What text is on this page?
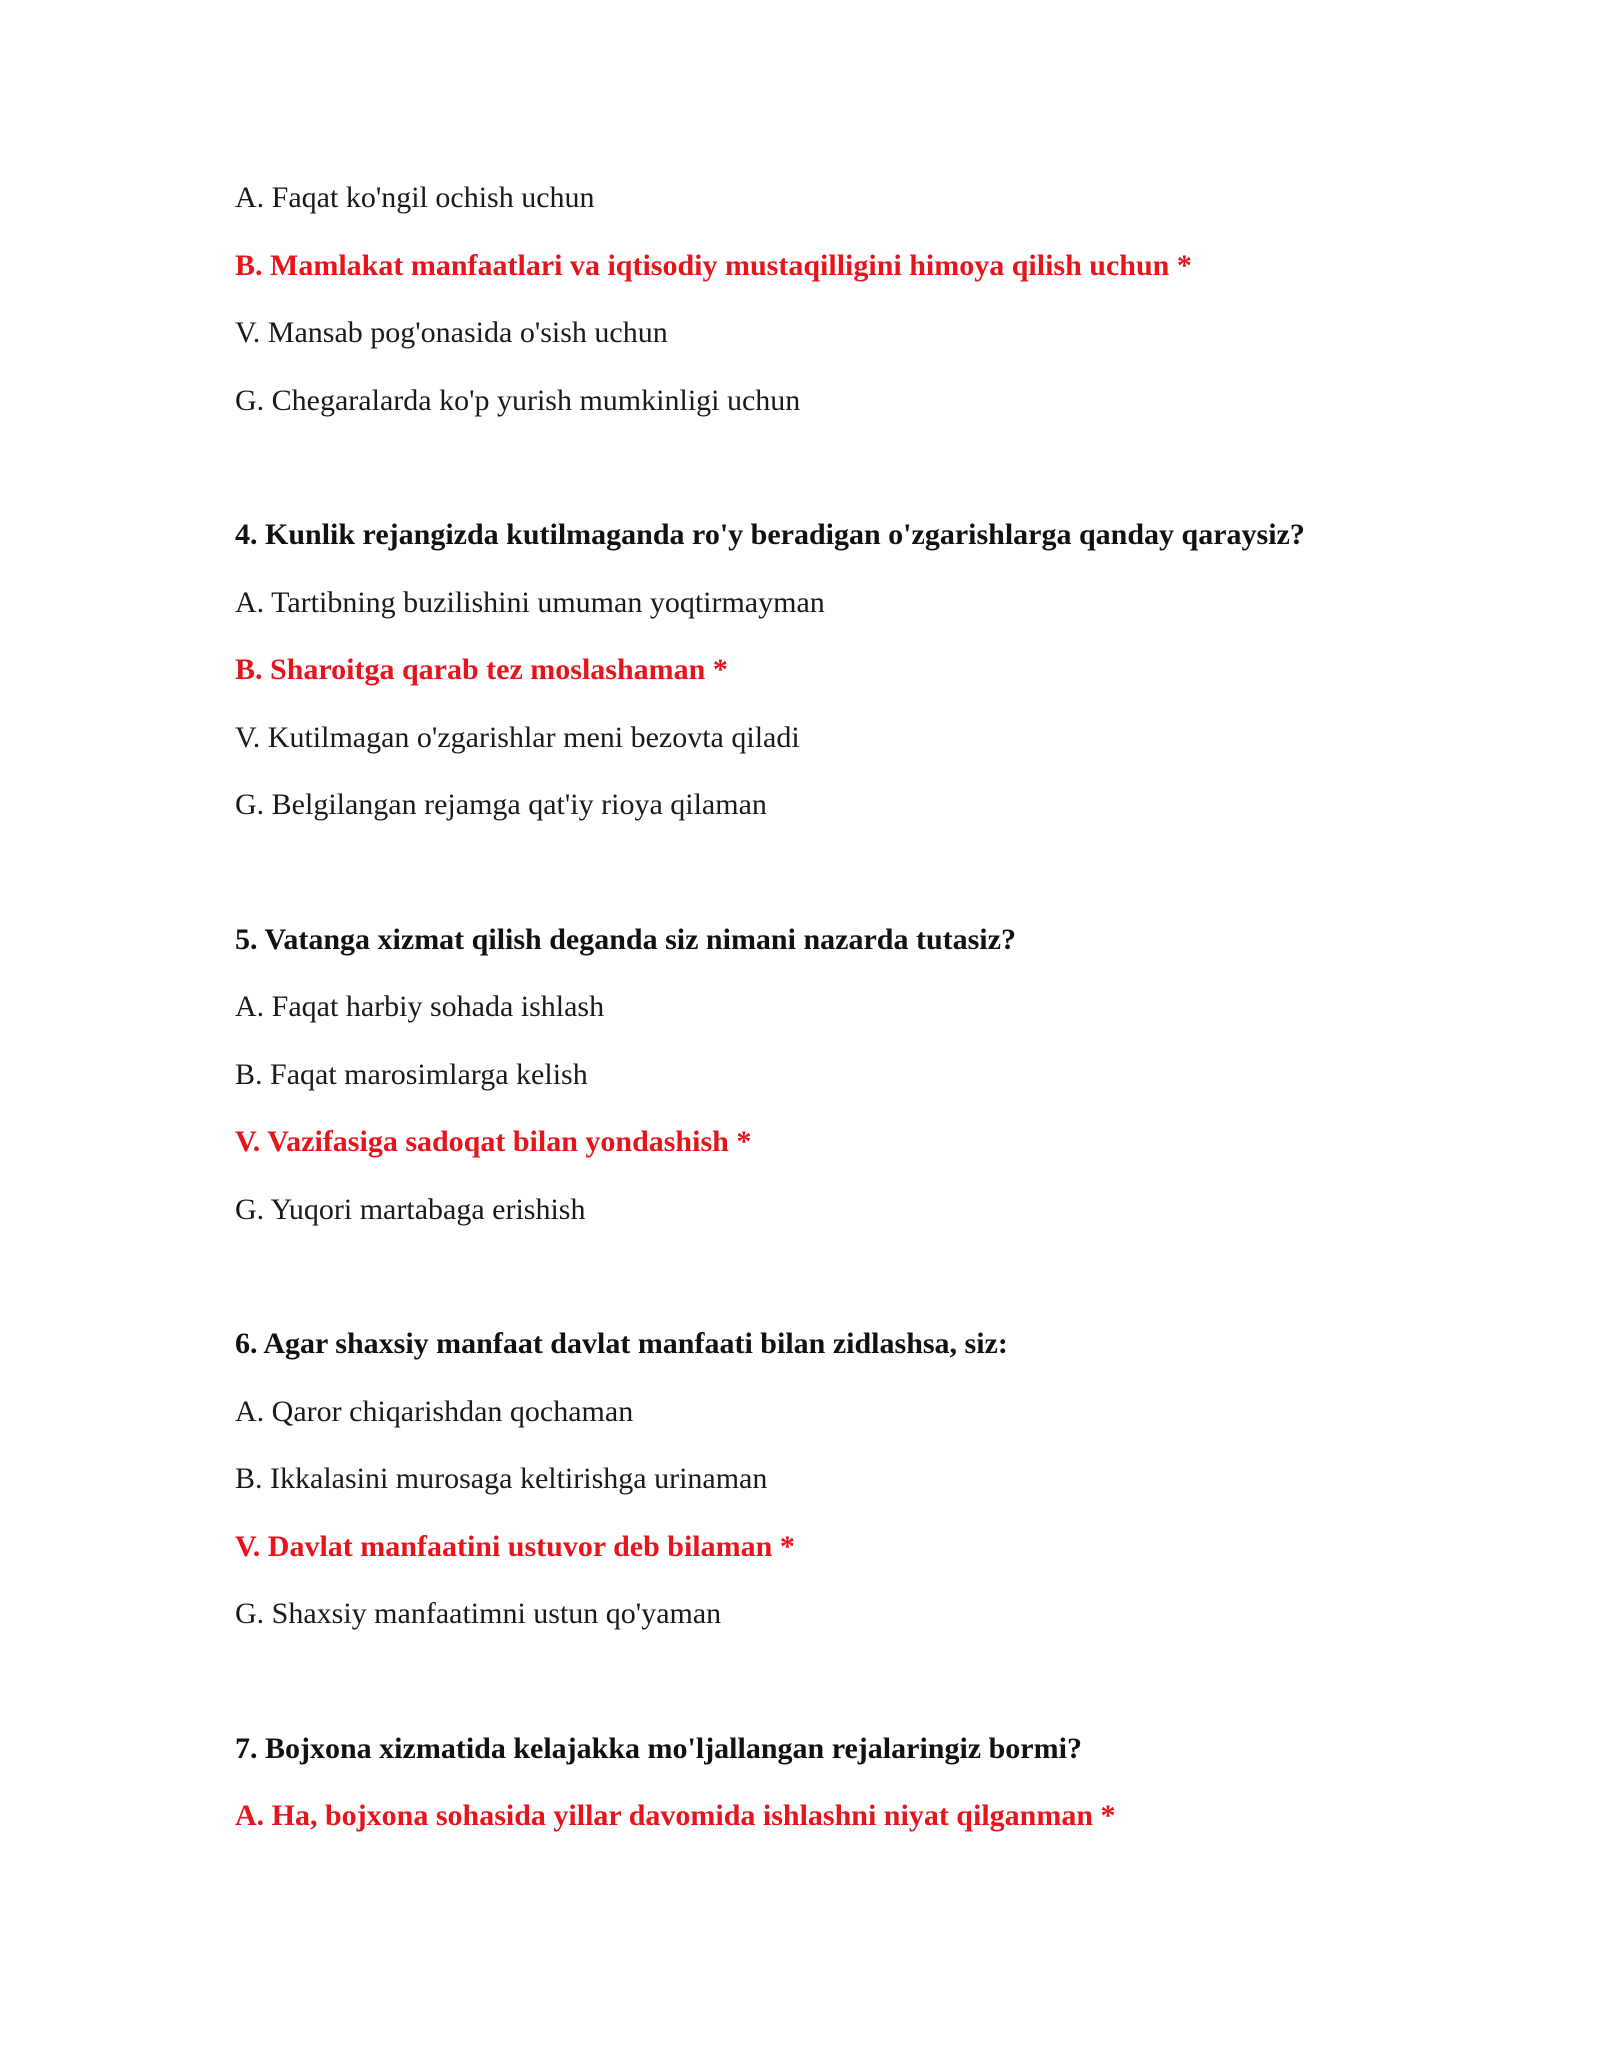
A. Faqat ko'ngil ochish uchun
B. Mamlakat manfaatlari va iqtisodiy mustaqilligini himoya qilish uchun *
V. Mansab pog'onasida o'sish uchun
G. Chegaralarda ko'p yurish mumkinligi uchun
4. Kunlik rejangizda kutilmaganda ro'y beradigan o'zgarishlarga qanday qaraysiz?
A. Tartibning buzilishini umuman yoqtirmayman
B. Sharoitga qarab tez moslashaman *
V. Kutilmagan o'zgarishlar meni bezovta qiladi
G. Belgilangan rejamga qat'iy rioya qilaman
5. Vatanga xizmat qilish deganda siz nimani nazarda tutasiz?
A. Faqat harbiy sohada ishlash
B. Faqat marosimlarga kelish
V. Vazifasiga sadoqat bilan yondashish *
G. Yuqori martabaga erishish
6. Agar shaxsiy manfaat davlat manfaati bilan zidlashsa, siz:
A. Qaror chiqarishdan qochaman
B. Ikkalasini murosaga keltirishga urinaman
V. Davlat manfaatini ustuvor deb bilaman *
G. Shaxsiy manfaatimni ustun qo'yaman
7. Bojxona xizmatida kelajakka mo'ljallangan rejalaringiz bormi?
A. Ha, bojxona sohasida yillar davomida ishlashni niyat qilganman *
